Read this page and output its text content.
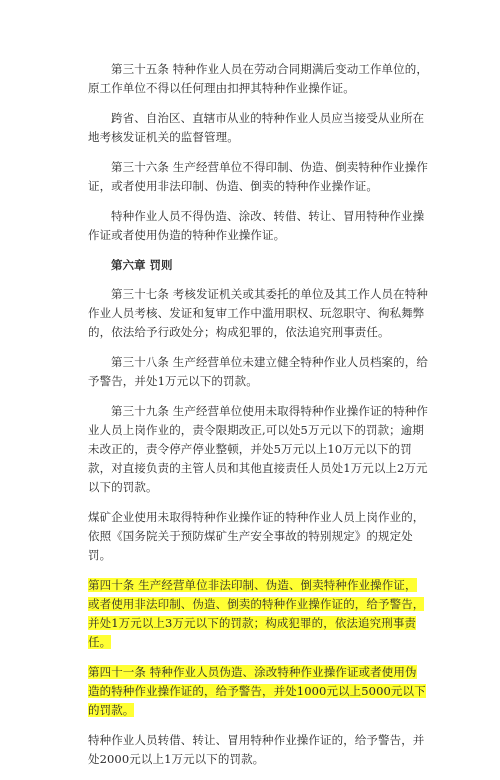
第三十五条 特种作业人员在劳动合同期满后变动工作单位的，原工作单位不得以任何理由扣押其特种作业操作证。

跨省、自治区、直辖市从业的特种作业人员应当接受从业所在地考核发证机关的监督管理。

第三十六条 生产经营单位不得印制、伪造、倒卖特种作业操作证，或者使用非法印制、伪造、倒卖的特种作业操作证。

特种作业人员不得伪造、涂改、转借、转让、冒用特种作业操作证或者使用伪造的特种作业操作证。

第六章 罚则

第三十七条 考核发证机关或其委托的单位及其工作人员在特种作业人员考核、发证和复审工作中滥用职权、玩忽职守、徇私舞弊的，依法给予行政处分；构成犯罪的，依法追究刑事责任。

第三十八条 生产经营单位未建立健全特种作业人员档案的，给予警告，并处1万元以下的罚款。

第三十九条 生产经营单位使用未取得特种作业操作证的特种作业人员上岗作业的，责令限期改正,可以处5万元以下的罚款；逾期未改正的，责令停产停业整顿，并处5万元以上10万元以下的罚款，对直接负责的主管人员和其他直接责任人员处1万元以上2万元以下的罚款。

煤矿企业使用未取得特种作业操作证的特种作业人员上岗作业的，依照《国务院关于预防煤矿生产安全事故的特别规定》的规定处罚。

第四十条 生产经营单位非法印制、伪造、倒卖特种作业操作证，或者使用非法印制、伪造、倒卖的特种作业操作证的，给予警告，并处1万元以上3万元以下的罚款；构成犯罪的，依法追究刑事责任。

第四十一条 特种作业人员伪造、涂改特种作业操作证或者使用伪造的特种作业操作证的，给予警告，并处1000元以上5000元以下的罚款。

特种作业人员转借、转让、冒用特种作业操作证的，给予警告，并处2000元以上1万元以下的罚款。
